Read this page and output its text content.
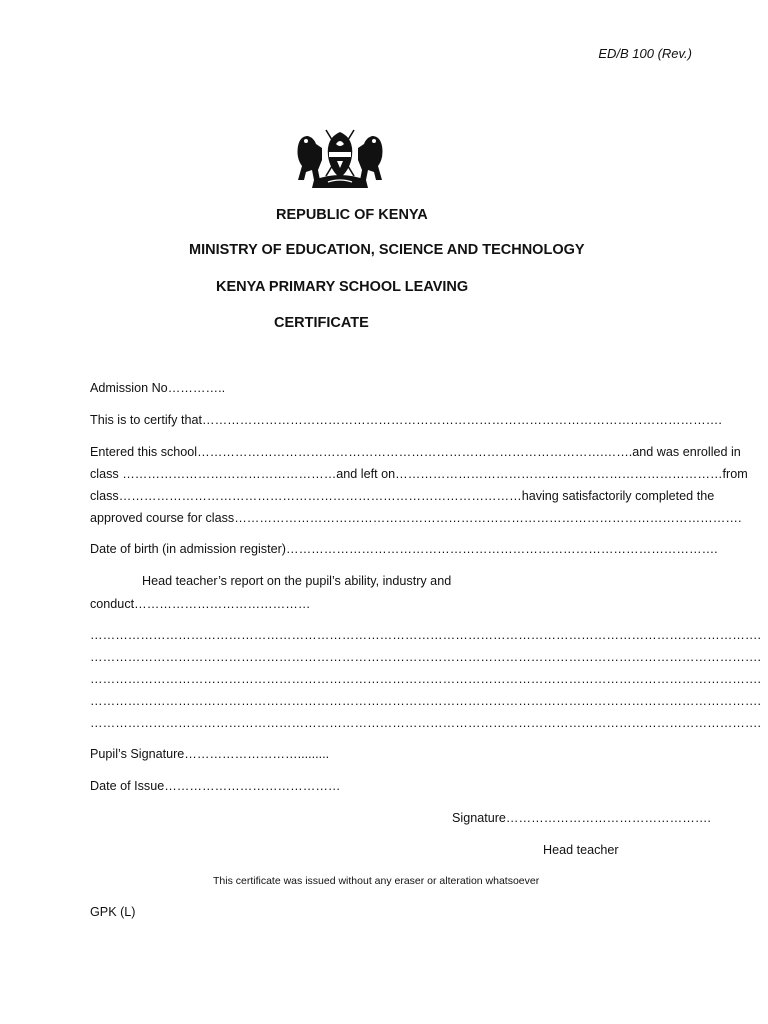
ED/B 100 (Rev.)
REPUBLIC OF KENYA
MINISTRY OF EDUCATION, SCIENCE AND TECHNOLOGY
KENYA PRIMARY SCHOOL LEAVING
CERTIFICATE
Admission No…………..
This is to certify that…………………………………………………………………………………………………………….
Entered this school…………………………………………………………………………………….…….and was enrolled in
class ……………………………………………and left on……………………………………………………………………from
class……………………………………………………………………………………having satisfactorily completed the
approved course for class………………………………………………………………………………………………………….
Date of birth (in admission register)………………………………………………………………………………………….
Head teacher’s report on the pupil’s ability, industry and
conduct……………………………………
…………………………………………………………………………………………………………………………………………….
…………………………………………………………………………………………………………………………………………….
…………………………………………………………………………………………………………………………………………….
…………………………………………………………………………………………………………………………………………….
…………………………………………………………………………………………………………………………………………….
Pupil’s Signature……………………….........
Date of Issue……………………………………
Signature………………………………………….
Head teacher
This certificate was issued without any eraser or alteration whatsoever
GPK (L)
